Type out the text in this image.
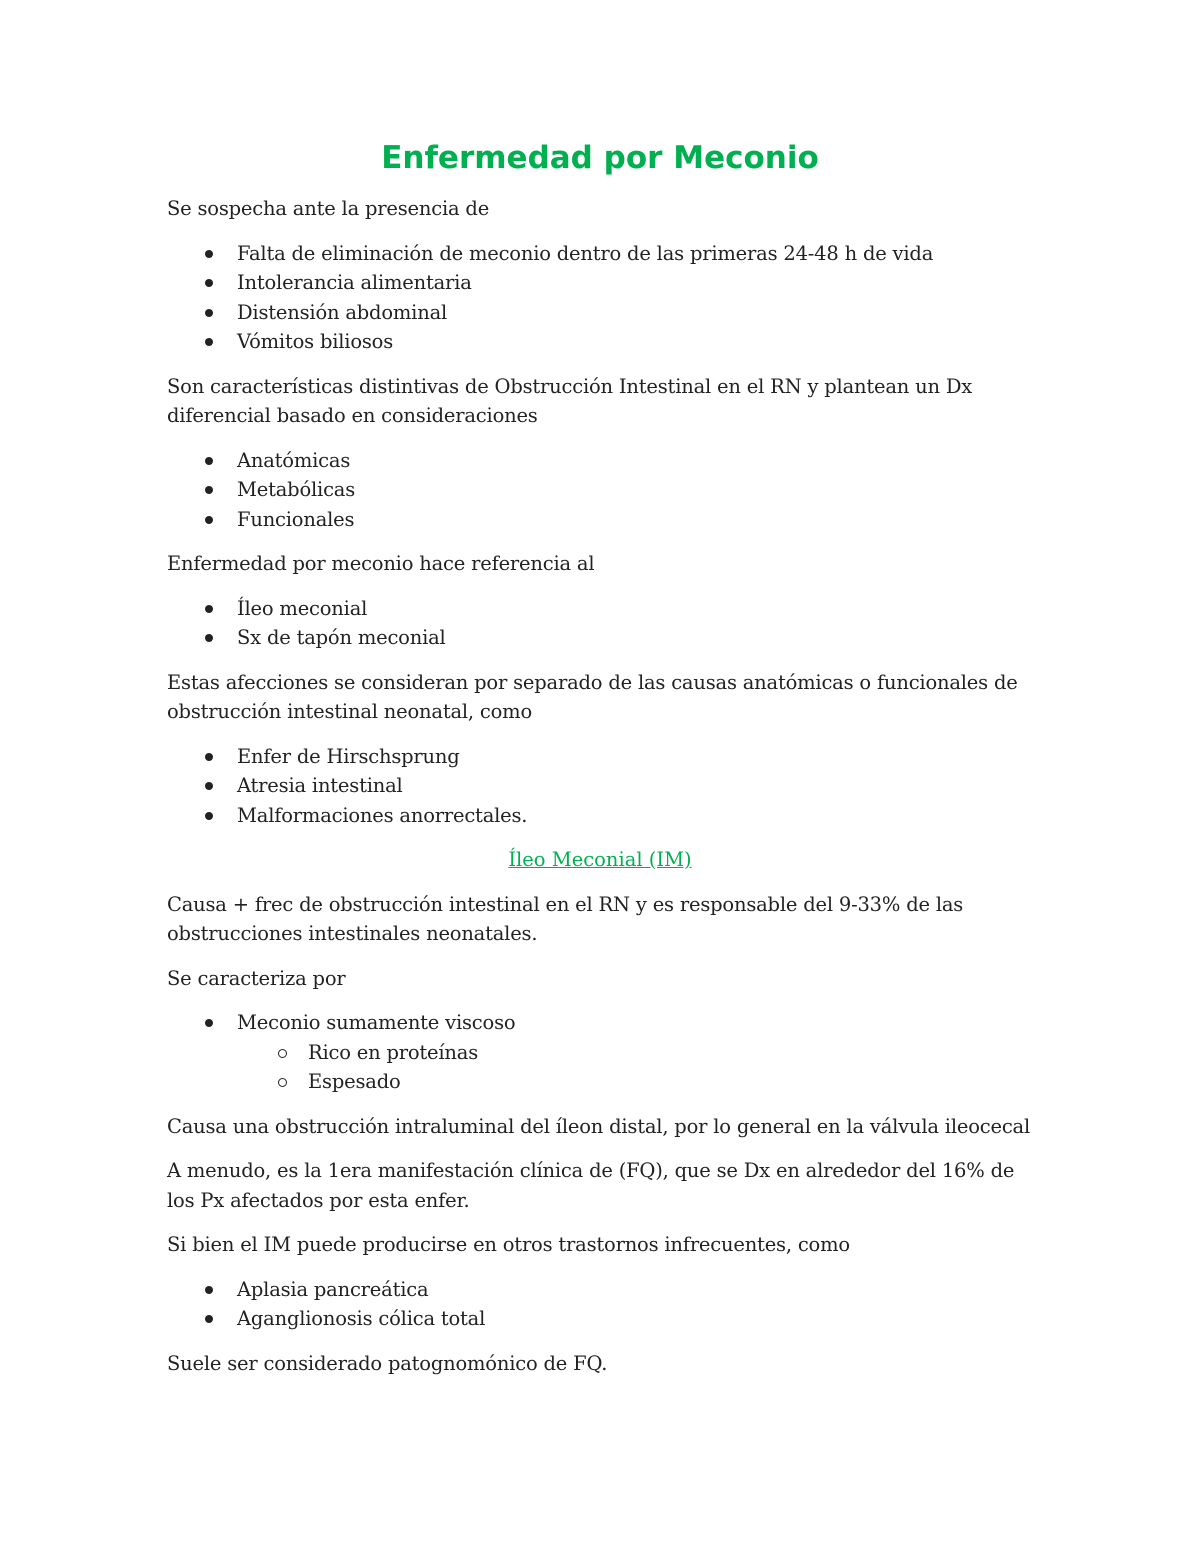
Enfermedad por Meconio

Se sospecha ante la presencia de

Falta de eliminación de meconio dentro de las primeras 24-48 h de vida
Intolerancia alimentaria
Distensión abdominal
Vómitos biliosos

Son características distintivas de Obstrucción Intestinal en el RN y plantean un Dx diferencial basado en consideraciones

Anatómicas
Metabólicas
Funcionales

Enfermedad por meconio hace referencia al

Íleo meconial
Sx de tapón meconial

Estas afecciones se consideran por separado de las causas anatómicas o funcionales de obstrucción intestinal neonatal, como

Enfer de Hirschsprung
Atresia intestinal
Malformaciones anorrectales.
Íleo Meconial (IM)

Causa + frec de obstrucción intestinal en el RN y es responsable del 9-33% de las obstrucciones intestinales neonatales.

Se caracteriza por

Meconio sumamente viscoso
Rico en proteínas
Espesado

Causa una obstrucción intraluminal del íleon distal, por lo general en la válvula ileocecal

A menudo, es la 1era manifestación clínica de (FQ), que se Dx en alrededor del 16% de los Px afectados por esta enfer.

Si bien el IM puede producirse en otros trastornos infrecuentes, como

Aplasia pancreática
Aganglionosis cólica total

Suele ser considerado patognomónico de FQ.
